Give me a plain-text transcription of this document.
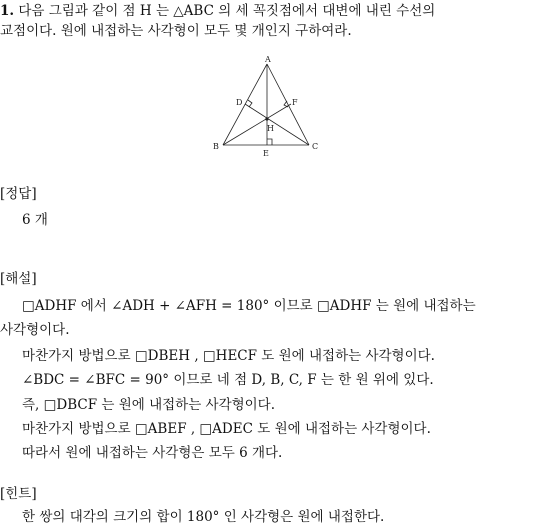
1. 다음 그림과 같이 점 H 는 △ABC 의 세 꼭짓점에서 대변에 내린 수선의
교점이다. 원에 내접하는 사각형이 모두 몇 개인지 구하여라.
A
B	C
D	F
H
E
[정답]
6 개
[해설]
□ADHF 에서 ∠ADH + ∠AFH = 180° 이므로 □ADHF 는 원에 내접하는
사각형이다.
마찬가지 방법으로 □DBEH , □HECF 도 원에 내접하는 사각형이다.
∠BDC = ∠BFC = 90° 이므로 네 점 D, B, C, F 는 한 원 위에 있다.
즉, □DBCF 는 원에 내접하는 사각형이다.
마찬가지 방법으로 □ABEF , □ADEC 도 원에 내접하는 사각형이다.
따라서 원에 내접하는 사각형은 모두 6 개다.
[힌트]
한 쌍의 대각의 크기의 합이 180° 인 사각형은 원에 내접한다.
